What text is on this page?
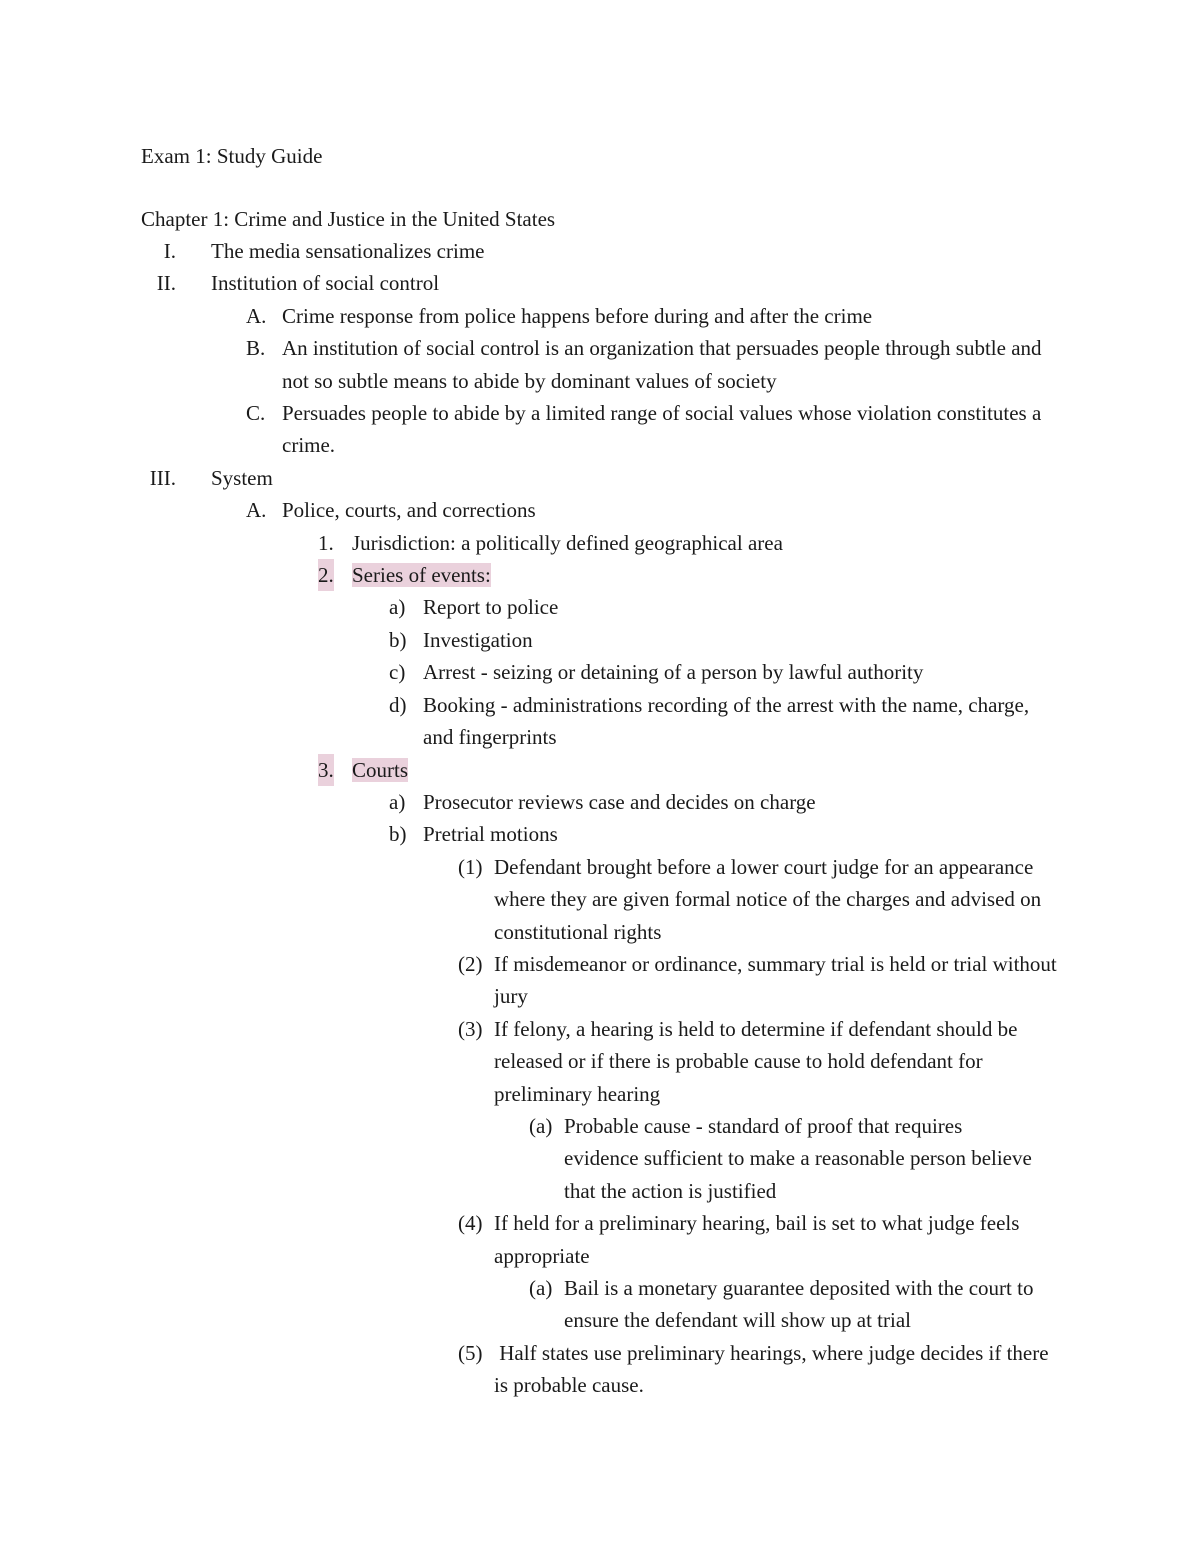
Exam 1: Study Guide
Chapter 1: Crime and Justice in the United States
I. The media sensationalizes crime
II. Institution of social control
A. Crime response from police happens before during and after the crime
B. An institution of social control is an organization that persuades people through subtle and not so subtle means to abide by dominant values of society
C. Persuades people to abide by a limited range of social values whose violation constitutes a crime.
III. System
A. Police, courts, and corrections
1. Jurisdiction: a politically defined geographical area
2. Series of events:
a) Report to police
b) Investigation
c) Arrest - seizing or detaining of a person by lawful authority
d) Booking - administrations recording of the arrest with the name, charge, and fingerprints
3. Courts
a) Prosecutor reviews case and decides on charge
b) Pretrial motions
(1) Defendant brought before a lower court judge for an appearance where they are given formal notice of the charges and advised on constitutional rights
(2) If misdemeanor or ordinance, summary trial is held or trial without jury
(3) If felony, a hearing is held to determine if defendant should be released or if there is probable cause to hold defendant for preliminary hearing
(a) Probable cause - standard of proof that requires evidence sufficient to make a reasonable person believe that the action is justified
(4) If held for a preliminary hearing, bail is set to what judge feels appropriate
(a) Bail is a monetary guarantee deposited with the court to ensure the defendant will show up at trial
(5) Half states use preliminary hearings, where judge decides if there is probable cause.
